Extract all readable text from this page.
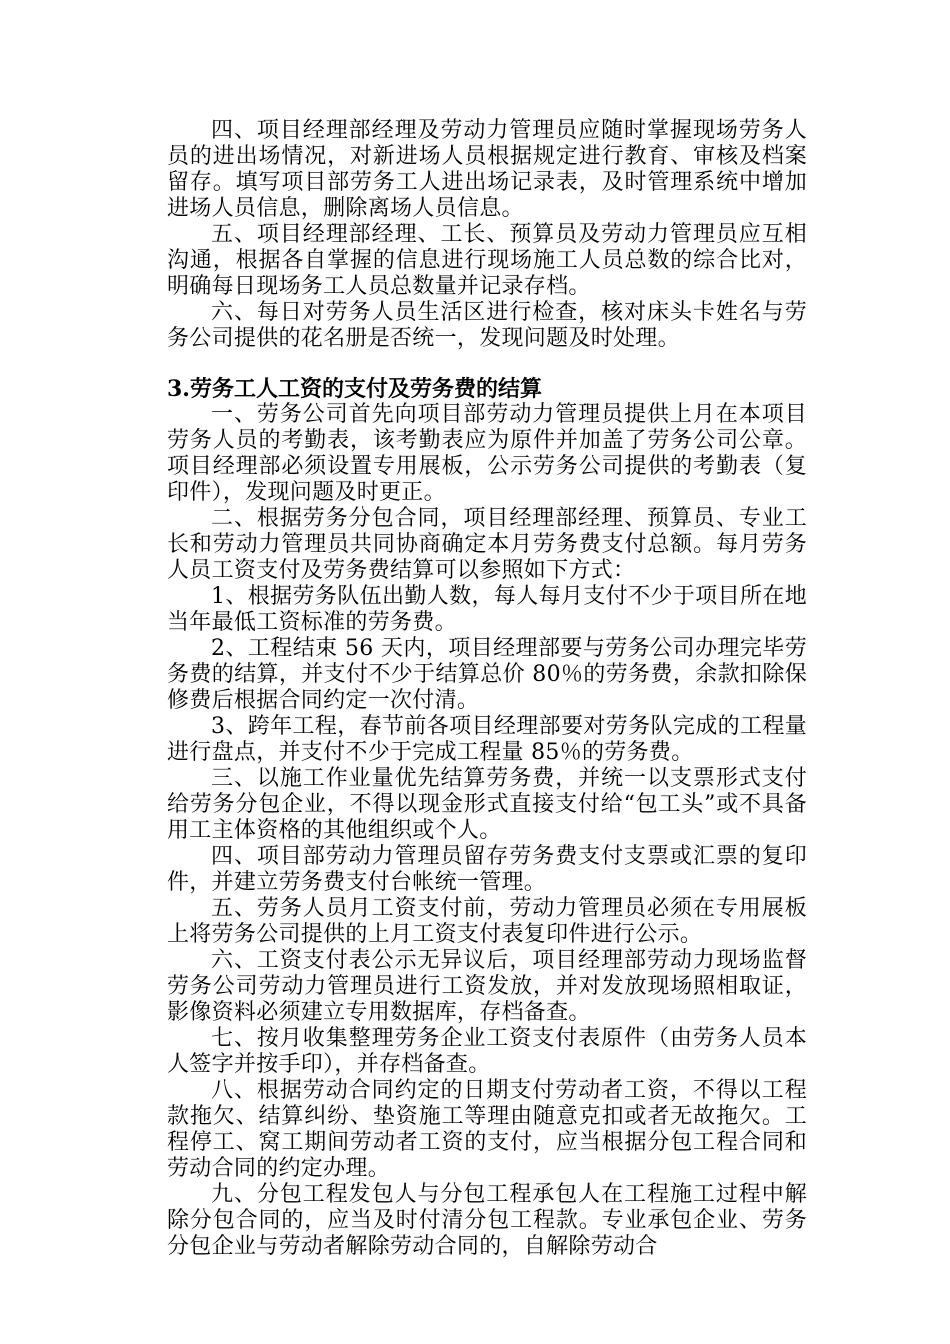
四、项目经理部经理及劳动力管理员应随时掌握现场劳务人员的进出场情况，对新进场人员根据规定进行教育、审核及档案留存。填写项目部劳务工人进出场记录表，及时管理系统中增加进场人员信息，删除离场人员信息。

五、项目经理部经理、工长、预算员及劳动力管理员应互相沟通，根据各自掌握的信息进行现场施工人员总数的综合比对，明确每日现场务工人员总数量并记录存档。

六、每日对劳务人员生活区进行检查，核对床头卡姓名与劳务公司提供的花名册是否统一，发现问题及时处理。

3.劳务工人工资的支付及劳务费的结算

一、劳务公司首先向项目部劳动力管理员提供上月在本项目劳务人员的考勤表，该考勤表应为原件并加盖了劳务公司公章。项目经理部必须设置专用展板，公示劳务公司提供的考勤表（复印件），发现问题及时更正。

二、根据劳务分包合同，项目经理部经理、预算员、专业工长和劳动力管理员共同协商确定本月劳务费支付总额。每月劳务人员工资支付及劳务费结算可以参照如下方式：

1、根据劳务队伍出勤人数，每人每月支付不少于项目所在地当年最低工资标准的劳务费。

2、工程结束 56 天内，项目经理部要与劳务公司办理完毕劳务费的结算，并支付不少于结算总价 80％的劳务费，余款扣除保修费后根据合同约定一次付清。

3、跨年工程，春节前各项目经理部要对劳务队完成的工程量进行盘点，并支付不少于完成工程量 85％的劳务费。

三、以施工作业量优先结算劳务费，并统一以支票形式支付给劳务分包企业，不得以现金形式直接支付给“包工头”或不具备用工主体资格的其他组织或个人。

四、项目部劳动力管理员留存劳务费支付支票或汇票的复印件，并建立劳务费支付台帐统一管理。

五、劳务人员月工资支付前，劳动力管理员必须在专用展板上将劳务公司提供的上月工资支付表复印件进行公示。

六、工资支付表公示无异议后，项目经理部劳动力现场监督劳务公司劳动力管理员进行工资发放，并对发放现场照相取证，影像资料必须建立专用数据库，存档备查。

七、按月收集整理劳务企业工资支付表原件（由劳务人员本人签字并按手印），并存档备查。

八、根据劳动合同约定的日期支付劳动者工资，不得以工程款拖欠、结算纠纷、垫资施工等理由随意克扣或者无故拖欠。工程停工、窝工期间劳动者工资的支付，应当根据分包工程合同和劳动合同的约定办理。

九、分包工程发包人与分包工程承包人在工程施工过程中解除分包合同的，应当及时付清分包工程款。专业承包企业、劳务分包企业与劳动者解除劳动合同的，自解除劳动合
